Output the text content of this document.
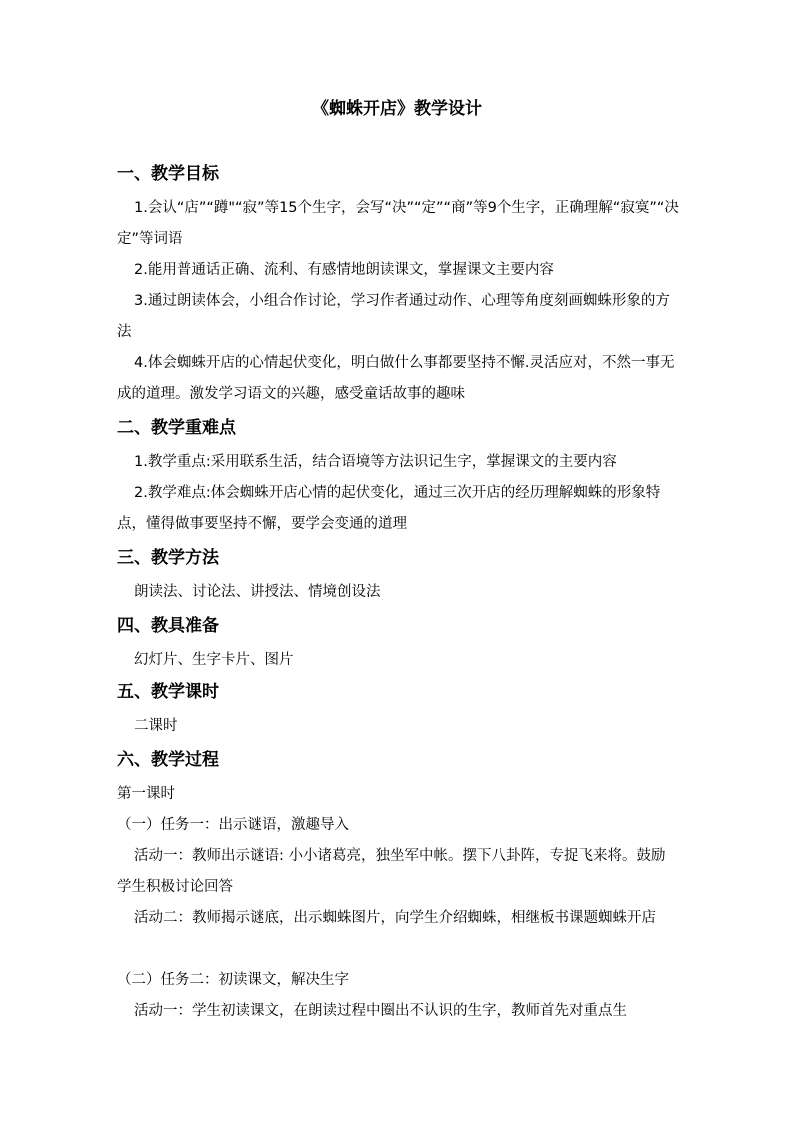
《蜘蛛开店》教学设计
一、教学目标
1.会认“店”“蹲"“寂”等15个生字，会写“决”“定”“商”等9个生字，正确理解“寂寞”“决定”等词语
2.能用普通话正确、流利、有感情地朗读课文，掌握课文主要内容
3.通过朗读体会，小组合作讨论，学习作者通过动作、心理等角度刻画蜘蛛形象的方法
4.体会蜘蛛开店的心情起伏变化，明白做什么事都要坚持不懈.灵活应对，不然一事无成的道理。激发学习语文的兴趣，感受童话故事的趣味
二、教学重难点
1.教学重点:采用联系生活，结合语境等方法识记生字，掌握课文的主要内容
2.教学难点:体会蜘蛛开店心情的起伏变化，通过三次开店的经历理解蜘蛛的形象特点，懂得做事要坚持不懈，要学会变通的道理
三、教学方法
朗读法、讨论法、讲授法、情境创设法
四、教具准备
幻灯片、生字卡片、图片
五、教学课时
二课时
六、教学过程
第一课时
（一）任务一：出示谜语，激趣导入
活动一：教师出示谜语: 小小诸葛亮，独坐军中帐。摆下八卦阵，专捉飞来将。鼓励学生积极讨论回答
活动二：教师揭示谜底，出示蜘蛛图片，向学生介绍蜘蛛，相继板书课题蜘蛛开店
（二）任务二：初读课文，解决生字
活动一：学生初读课文，在朗读过程中圈出不认识的生字，教师首先对重点生
